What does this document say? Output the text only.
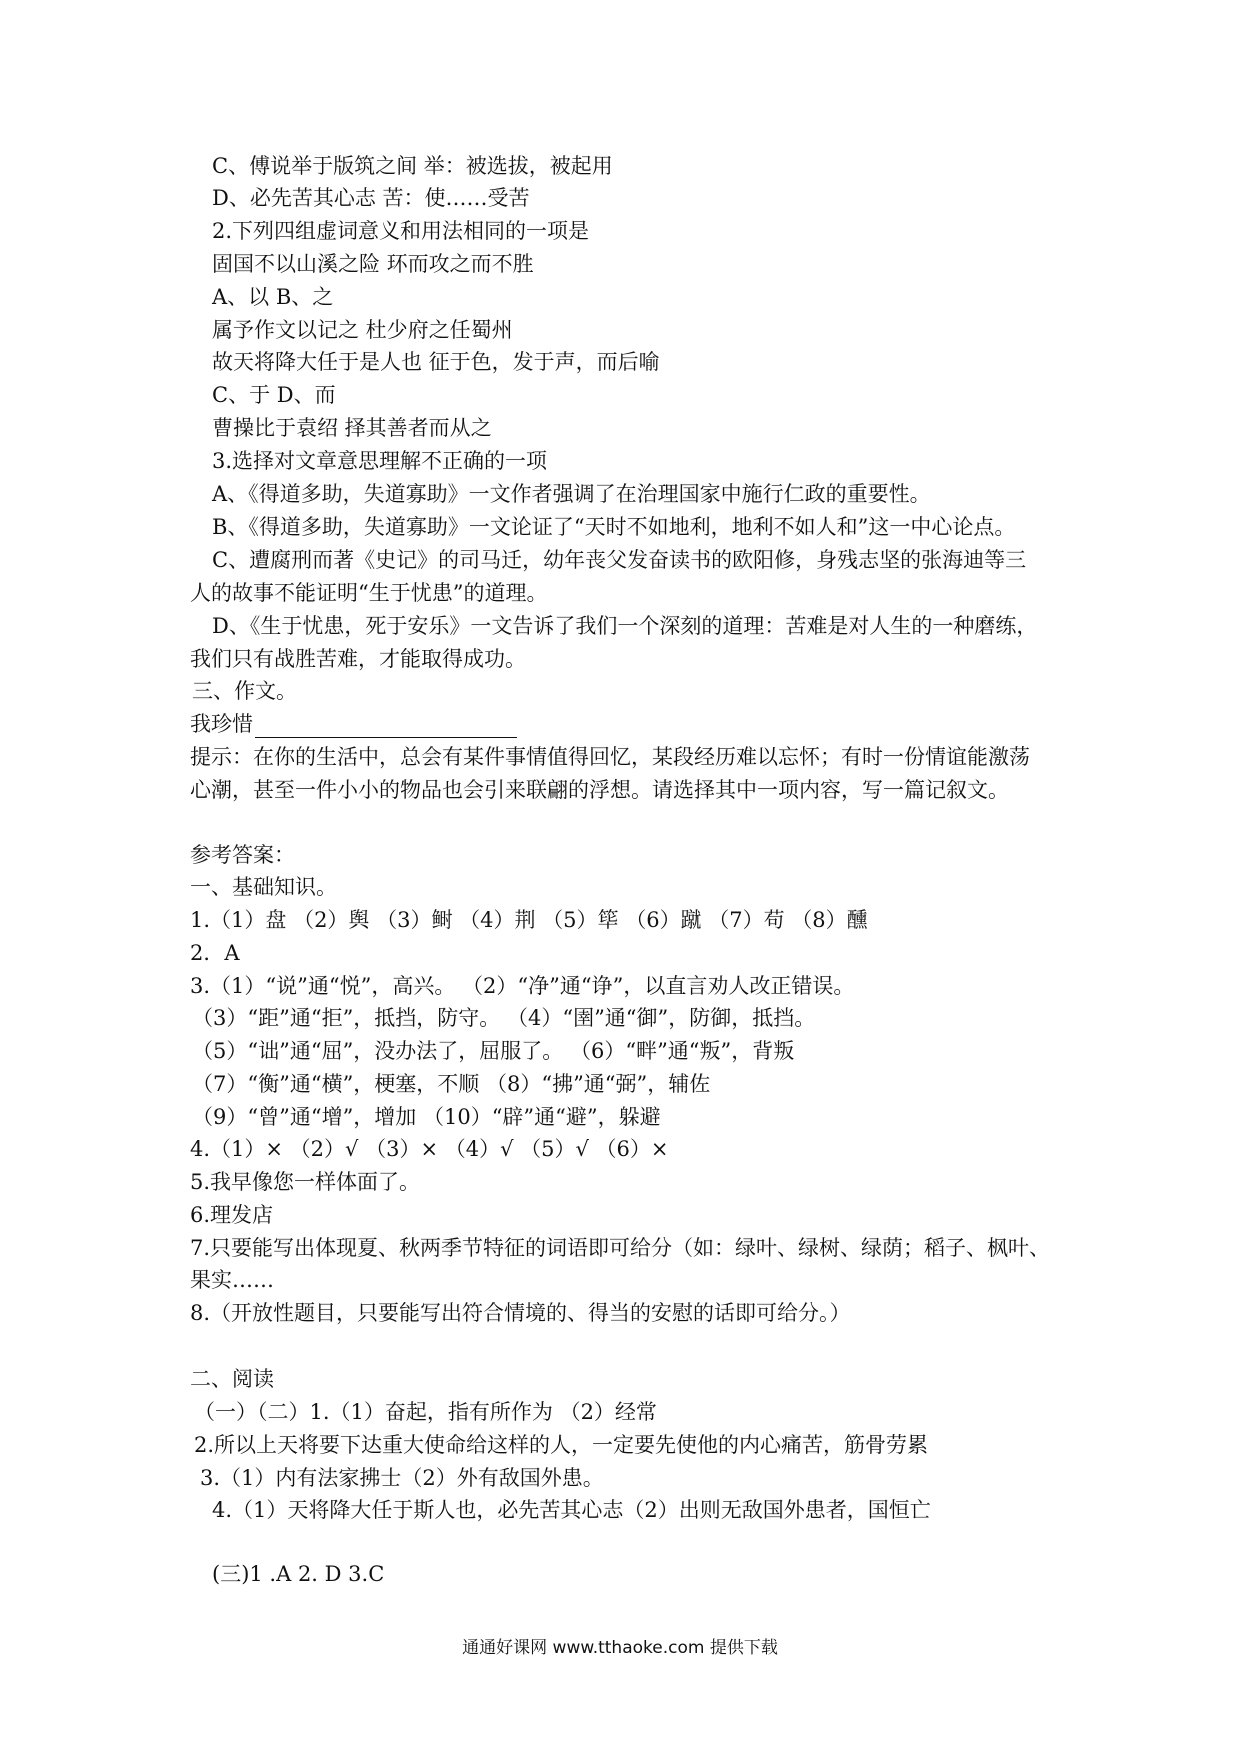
C、傅说举于版筑之间 举：被选拔，被起用
D、必先苦其心志 苦：使……受苦
2.下列四组虚词意义和用法相同的一项是
固国不以山溪之险 环而攻之而不胜
A、以 B、之
属予作文以记之 杜少府之任蜀州
故天将降大任于是人也 征于色，发于声，而后喻
C、于 D、而
曹操比于袁绍 择其善者而从之
3.选择对文章意思理解不正确的一项
A、《得道多助，失道寡助》一文作者强调了在治理国家中施行仁政的重要性。
B、《得道多助，失道寡助》一文论证了“天时不如地利，地利不如人和”这一中心论点。
C、遭腐刑而著《史记》的司马迁，幼年丧父发奋读书的欧阳修，身残志坚的张海迪等三
人的故事不能证明“生于忧患”的道理。
D、《生于忧患，死于安乐》一文告诉了我们一个深刻的道理：苦难是对人生的一种磨练，
我们只有战胜苦难，才能取得成功。
三、作文。
我珍惜
提示：在你的生活中，总会有某件事情值得回忆，某段经历难以忘怀；有时一份情谊能激荡
心潮，甚至一件小小的物品也会引来联翩的浮想。请选择其中一项内容，写一篇记叙文。
参考答案：
一、基础知识。
1.（1）盘 （2）舆 （3）鲥 （4）荆 （5）筚 （6）蹴 （7）苟 （8）醺
2．A
3.（1）“说”通“悦”，高兴。 （2）“净”通“诤”，以直言劝人改正错误。
（3）“距”通“拒”，抵挡，防守。 （4）“圉”通“御”，防御，抵挡。
（5）“诎”通“屈”，没办法了，屈服了。 （6）“畔”通“叛”，背叛
（7）“衡”通“横”，梗塞，不顺 （8）“拂”通“弼”，辅佐
（9）“曾”通“增”，增加 （10）“辟”通“避”，躲避
4.（1）× （2）√ （3）× （4）√ （5）√ （6）×
5.我早像您一样体面了。
6.理发店
7.只要能写出体现夏、秋两季节特征的词语即可给分（如：绿叶、绿树、绿荫；稻子、枫叶、
果实……
8.（开放性题目，只要能写出符合情境的、得当的安慰的话即可给分。）
二、阅读
（一）（二）1.（1）奋起，指有所作为 （2）经常
2.所以上天将要下达重大使命给这样的人，一定要先使他的内心痛苦，筋骨劳累
3.（1）内有法家拂士（2）外有敌国外患。
4.（1）天将降大任于斯人也，必先苦其心志（2）出则无敌国外患者，国恒亡
(三)1 .A 2. D 3.C
通通好课网 www.tthaoke.com 提供下载
